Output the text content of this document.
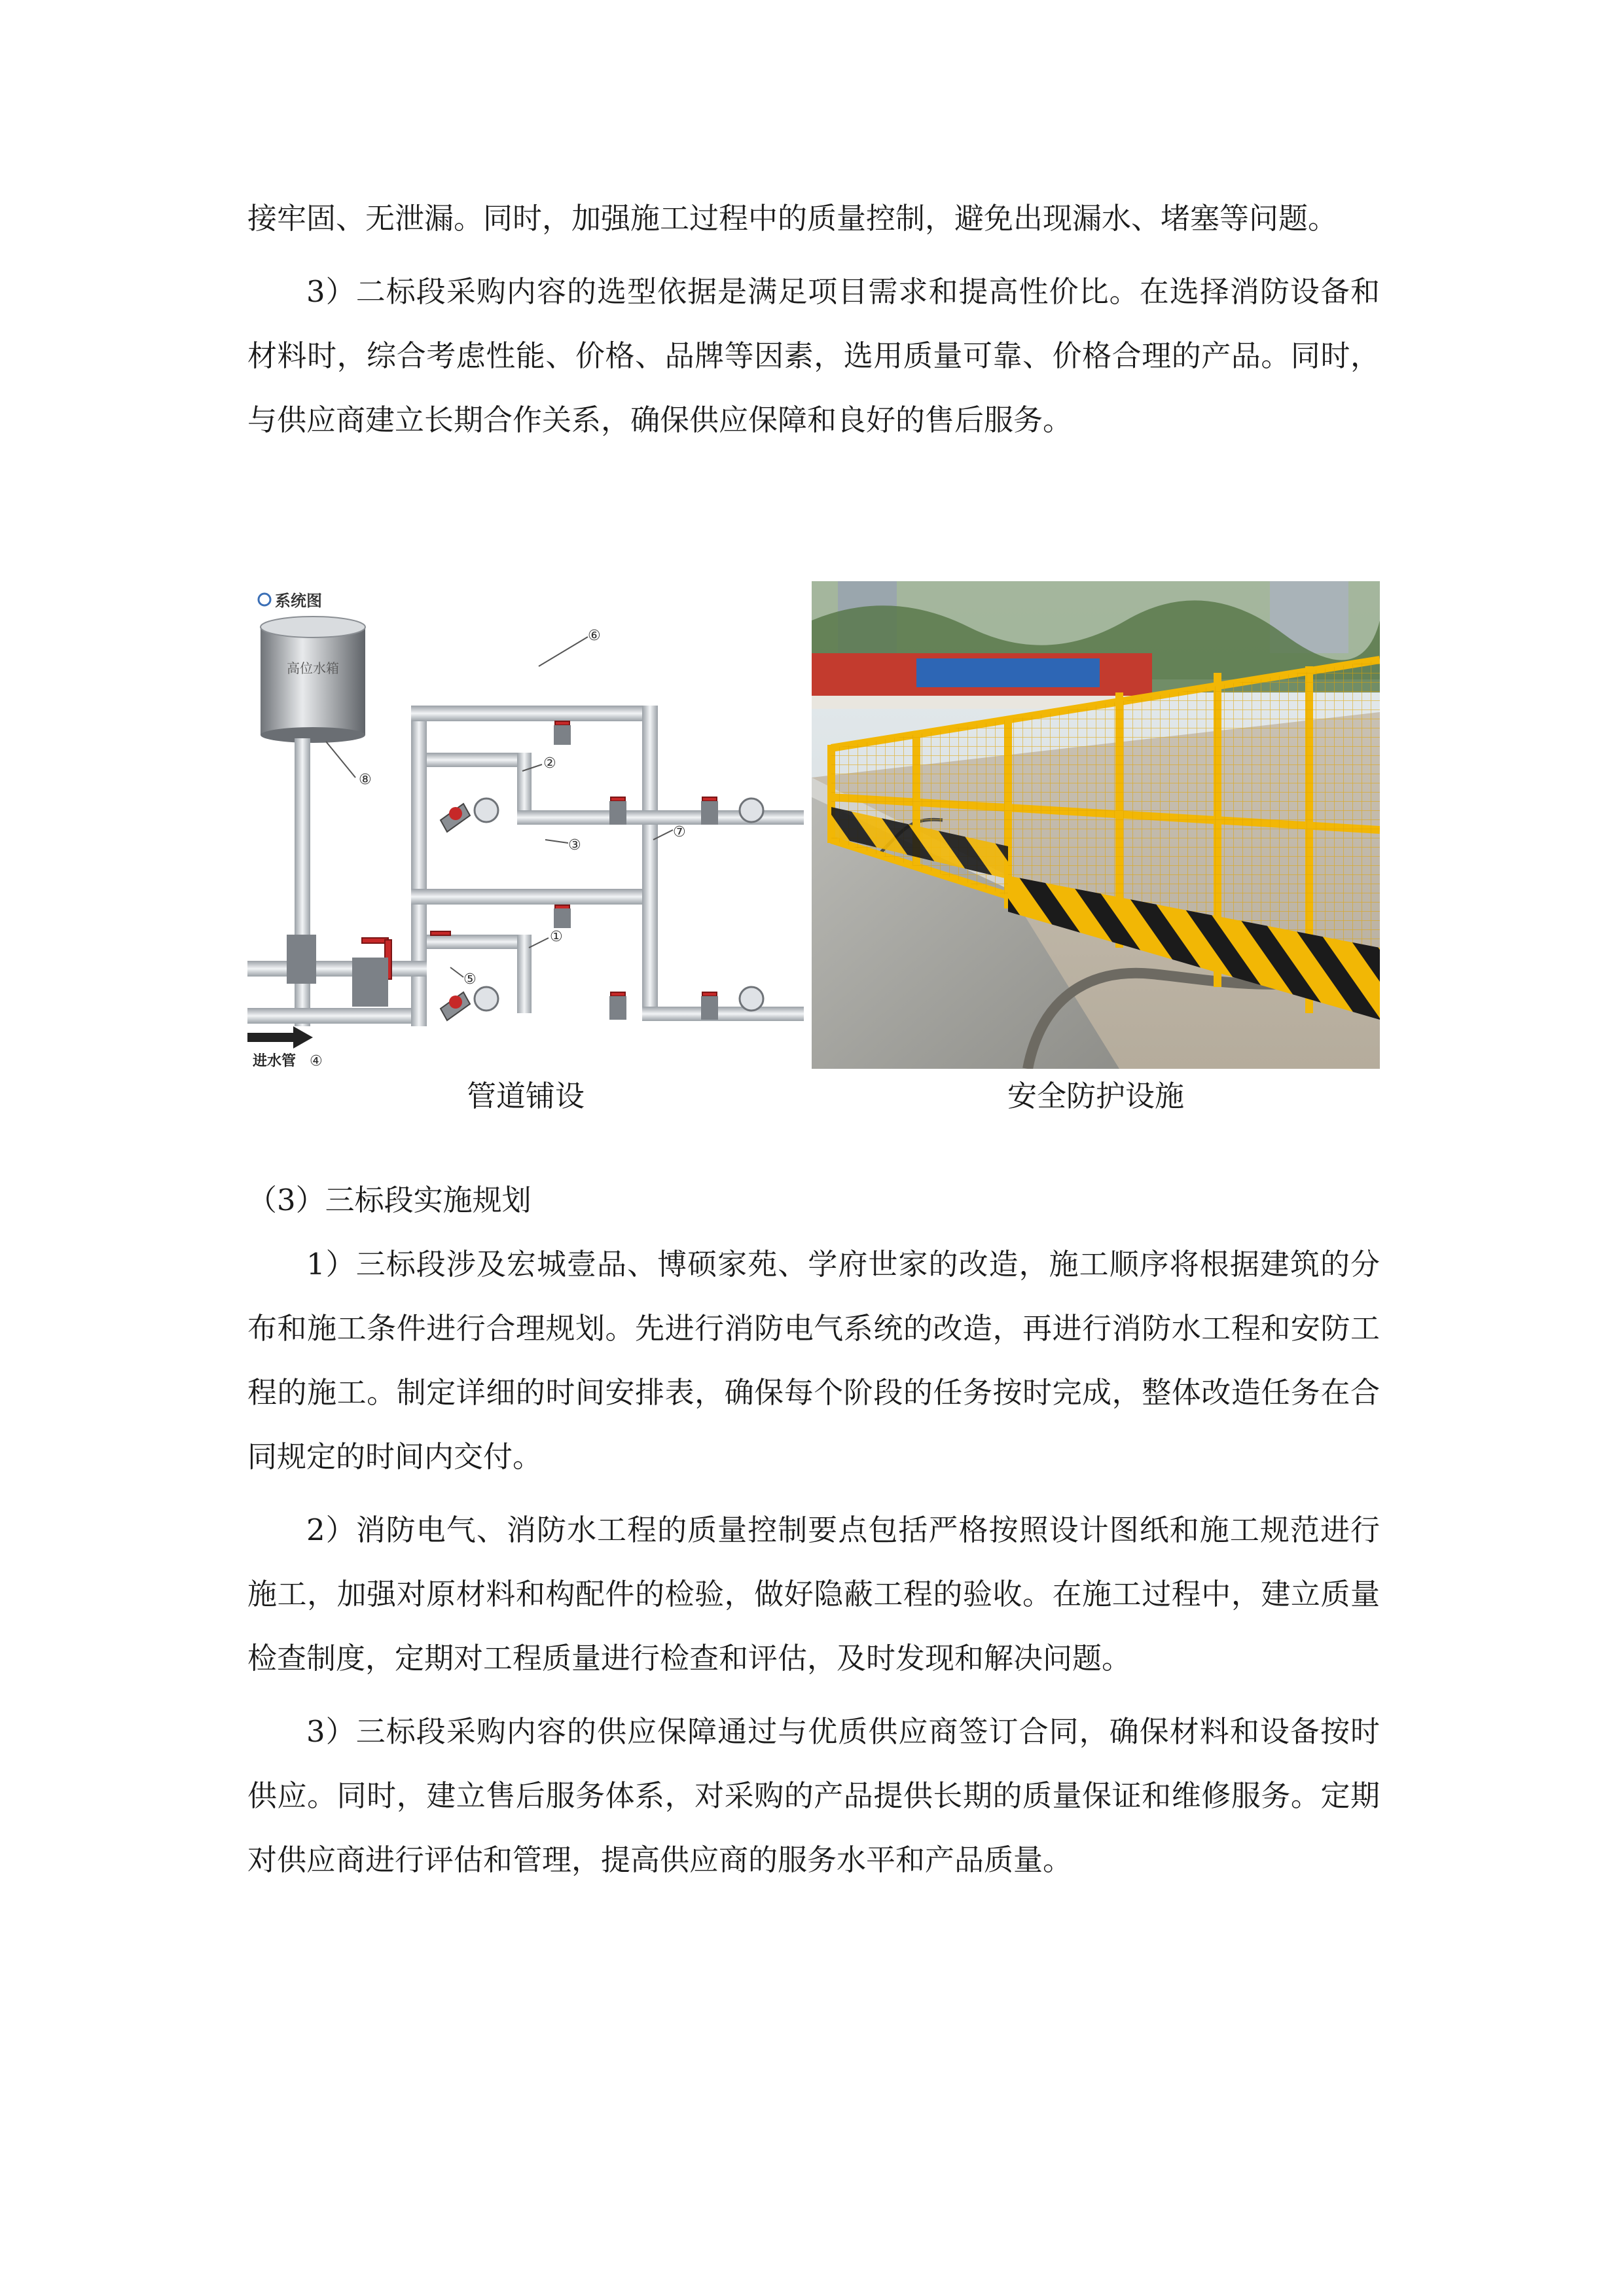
接牢固、无泄漏。同时，加强施工过程中的质量控制，避免出现漏水、堵塞等问题。

3）二标段采购内容的选型依据是满足项目需求和提高性价比。在选择消防设备和材料时，综合考虑性能、价格、品牌等因素，选用质量可靠、价格合理的产品。同时，与供应商建立长期合作关系，确保供应保障和良好的售后服务。

系统图
高位水箱
进水管
⑥
②
③
⑦
⑧
①
⑤
④
管道铺设	安全防护设施

（3）三标段实施规划

1）三标段涉及宏城壹品、博硕家苑、学府世家的改造，施工顺序将根据建筑的分布和施工条件进行合理规划。先进行消防电气系统的改造，再进行消防水工程和安防工程的施工。制定详细的时间安排表，确保每个阶段的任务按时完成，整体改造任务在合同规定的时间内交付。

2）消防电气、消防水工程的质量控制要点包括严格按照设计图纸和施工规范进行施工，加强对原材料和构配件的检验，做好隐蔽工程的验收。在施工过程中，建立质量检查制度，定期对工程质量进行检查和评估，及时发现和解决问题。

3）三标段采购内容的供应保障通过与优质供应商签订合同，确保材料和设备按时供应。同时，建立售后服务体系，对采购的产品提供长期的质量保证和维修服务。定期对供应商进行评估和管理，提高供应商的服务水平和产品质量。
